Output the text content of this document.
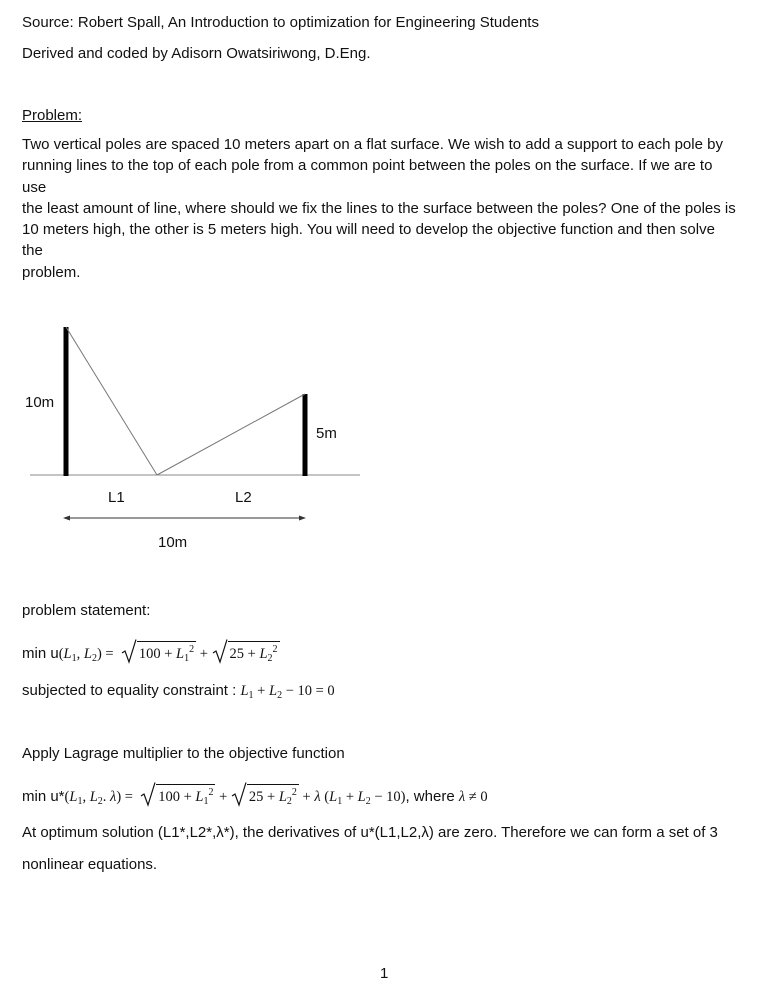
Source: Robert Spall, An Introduction to optimization for Engineering Students
Derived and coded by Adisorn Owatsiriwong, D.Eng.
Problem:
Two vertical poles are spaced 10 meters apart on a flat surface. We wish to add a support to each pole by
running lines to the top of each pole from a common point between the poles on the surface. If we are to use
the least amount of line, where should we fix the lines to the surface between the poles? One of the poles is
10 meters high, the other is 5 meters high. You will need to develop the objective function and then solve the
problem.
10m
5m
L1	L2
10m
problem statement:
$\min u(L_1$, $L_2$) =
$100 + L_1^2$ +
$25 + L_2^2$
subjected to equality constraint : $L_1 + L_2 - 10 = 0$
Apply Lagrage multiplier to the objective function
$\min u*(L_1$, $L_2$. λ) =
$100 + L_1^2$ +
$25 + L_2^2 + \lambda$ $(L_1 + L_2 - 10)$, where λ ≠ 0
At optimum solution (L1*,L2*,λ*), the derivatives of u*(L1,L2,λ) are zero. Therefore we can form a set of 3
nonlinear equations.
1
